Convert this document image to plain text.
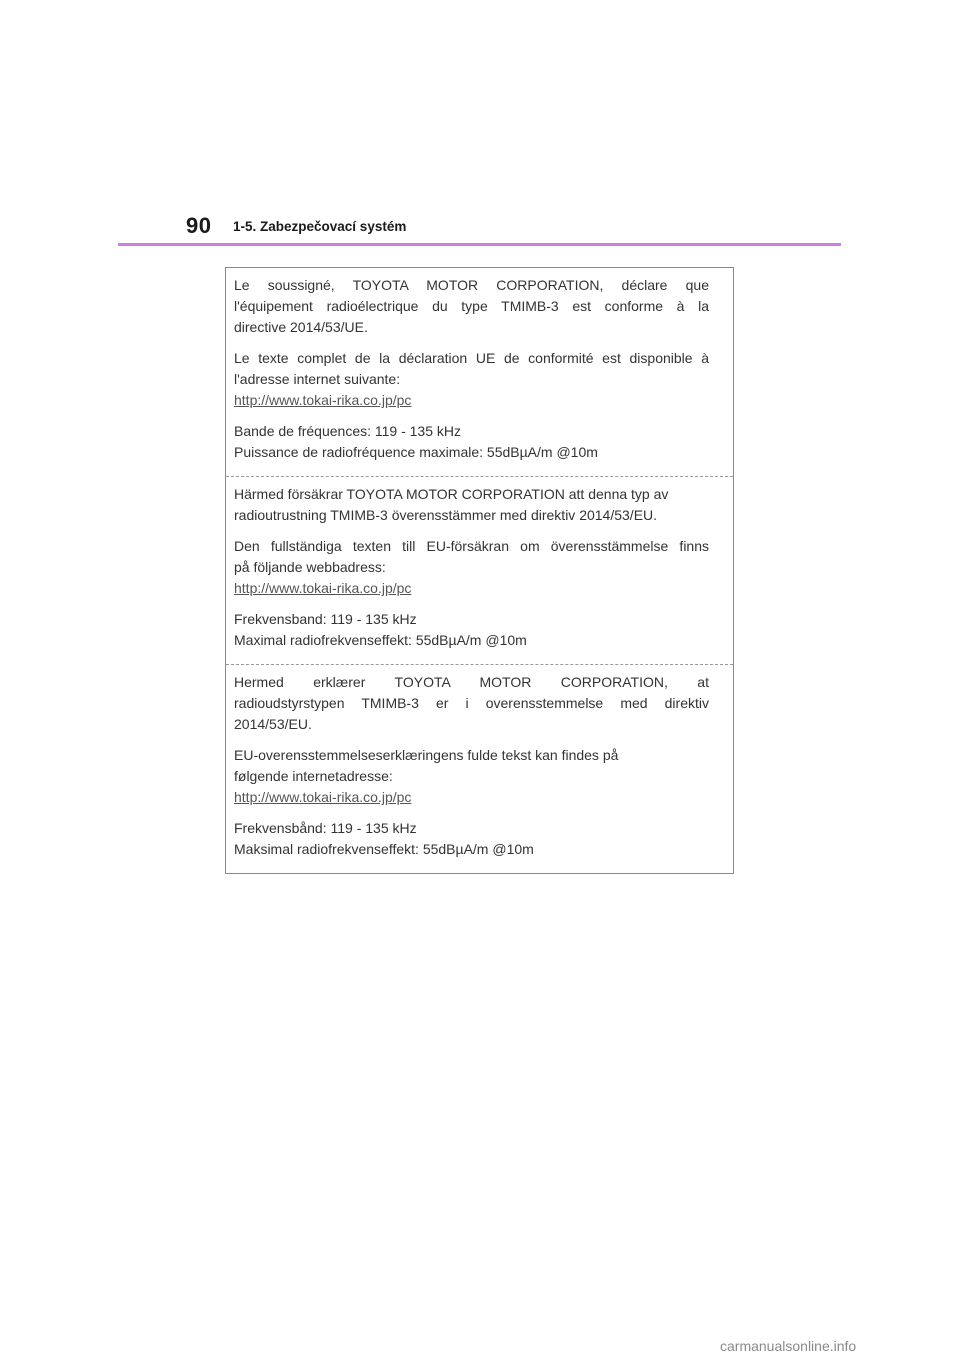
90 1-5. Zabezpečovací systém
Le soussigné, TOYOTA MOTOR CORPORATION, déclare que
l'équipement radioélectrique du type TMIMB-3 est conforme à la
directive 2014/53/UE.
Le texte complet de la déclaration UE de conformité est disponible à
l'adresse internet suivante:
http://www.tokai-rika.co.jp/pc
Bande de fréquences: 119 - 135 kHz
Puissance de radiofréquence maximale: 55dBµA/m @10m
Härmed försäkrar TOYOTA MOTOR CORPORATION att denna typ av
radioutrustning TMIMB-3 överensstämmer med direktiv 2014/53/EU.
Den fullständiga texten till EU-försäkran om överensstämmelse finns
på följande webbadress:
http://www.tokai-rika.co.jp/pc
Frekvensband: 119 - 135 kHz
Maximal radiofrekvenseffekt: 55dBµA/m @10m
Hermed erklærer TOYOTA MOTOR CORPORATION, at
radioudstyrstypen TMIMB-3 er i overensstemmelse med direktiv
2014/53/EU.
EU-overensstemmelseserklæringens fulde tekst kan findes på
følgende internetadresse:
http://www.tokai-rika.co.jp/pc
Frekvensbånd: 119 - 135 kHz
Maksimal radiofrekvenseffekt: 55dBµA/m @10m
carmanualsonline.info
